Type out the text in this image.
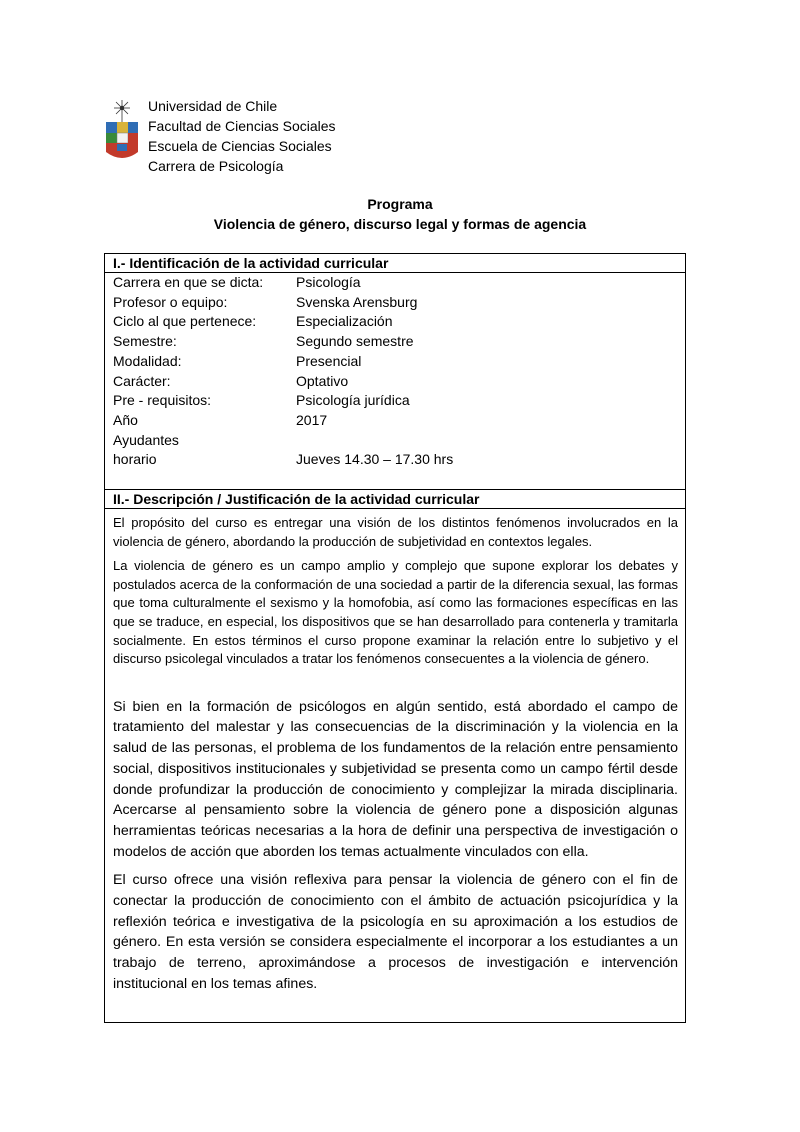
Universidad de Chile
Facultad de Ciencias Sociales
Escuela de Ciencias Sociales
Carrera de Psicología
Programa
Violencia de género, discurso legal y formas de agencia
I.- Identificación de la actividad curricular
Carrera en que se dicta:	Psicología
Profesor o equipo:	Svenska Arensburg
Ciclo al que pertenece:	Especialización
Semestre:	Segundo semestre
Modalidad:	Presencial
Carácter:	Optativo
Pre - requisitos:	Psicología jurídica
Año	2017
Ayudantes
horario	Jueves 14.30 – 17.30 hrs
II.- Descripción / Justificación de la actividad curricular

El propósito del curso es entregar una visión de los distintos fenómenos involucrados en la violencia de género, abordando la producción de subjetividad en contextos legales.

La violencia de género es un campo amplio y complejo que supone explorar los debates y postulados acerca de la conformación de una sociedad a partir de la diferencia sexual, las formas que toma culturalmente el sexismo y la homofobia, así como las formaciones específicas en las que se traduce, en especial, los dispositivos que se han desarrollado para contenerla y tramitarla socialmente. En estos términos el curso propone examinar la relación entre lo subjetivo y el discurso psicolegal vinculados a tratar los fenómenos consecuentes a la violencia de género.

Si bien en la formación de psicólogos en algún sentido, está abordado el campo de tratamiento del malestar y las consecuencias de la discriminación y la violencia en la salud de las personas, el problema de los fundamentos de la relación entre pensamiento social, dispositivos institucionales y subjetividad se presenta como un campo fértil desde donde profundizar la producción de conocimiento y complejizar la mirada disciplinaria. Acercarse al pensamiento sobre la violencia de género pone a disposición algunas herramientas teóricas necesarias a la hora de definir una perspectiva de investigación o modelos de acción que aborden los temas actualmente vinculados con ella.

El curso ofrece una visión reflexiva para pensar la violencia de género con el fin de conectar la producción de conocimiento con el ámbito de actuación psicojurídica y la reflexión teórica e investigativa de la psicología en su aproximación a los estudios de género. En esta versión se considera especialmente el incorporar a los estudiantes a un trabajo de terreno, aproximándose a procesos de investigación e intervención institucional en los temas afines.
